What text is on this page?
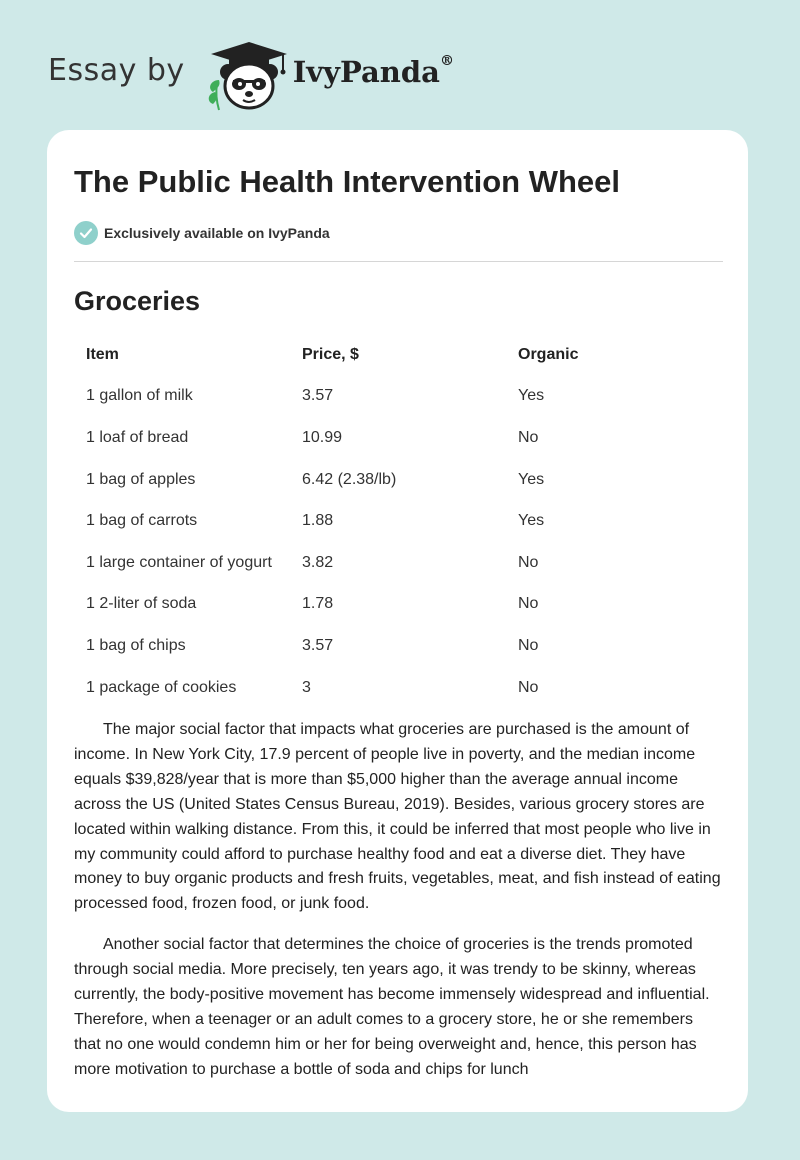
Essay by	IvyPanda®
The Public Health Intervention Wheel
Exclusively available on IvyPanda
Groceries
Item	Price, $	Organic
1 gallon of milk	3.57	Yes
1 loaf of bread	10.99	No
1 bag of apples	6.42 (2.38/lb)	Yes
1 bag of carrots	1.88	Yes
1 large container of yogurt	3.82	No
1 2-liter of soda	1.78	No
1 bag of chips	3.57	No
1 package of cookies	3	No

The major social factor that impacts what groceries are purchased is the amount of income. In New York City, 17.9 percent of people live in poverty, and the median income equals $39,828/year that is more than $5,000 higher than the average annual income across the US (United States Census Bureau, 2019). Besides, various grocery stores are located within walking distance. From this, it could be inferred that most people who live in my community could afford to purchase healthy food and eat a diverse diet. They have money to buy organic products and fresh fruits, vegetables, meat, and fish instead of eating processed food, frozen food, or junk food.

Another social factor that determines the choice of groceries is the trends promoted through social media. More precisely, ten years ago, it was trendy to be skinny, whereas currently, the body-positive movement has become immensely widespread and influential. Therefore, when a teenager or an adult comes to a grocery store, he or she remembers that no one would condemn him or her for being overweight and, hence, this person has more motivation to purchase a bottle of soda and chips for lunch
